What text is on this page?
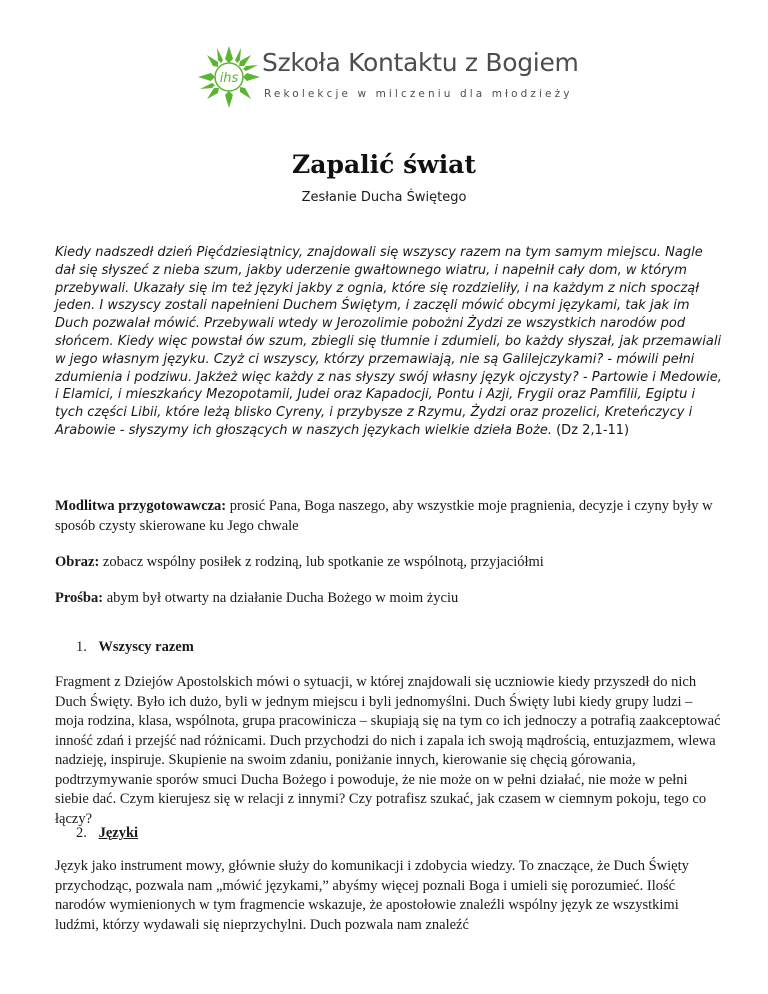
ihs
Szkoła Kontaktu z Bogiem
Rekolekcje w milczeniu dla młodzieży
Zapalić świat
Zesłanie Ducha Świętego

Kiedy nadszedł dzień Pięćdziesiątnicy, znajdowali się wszyscy razem na tym samym miejscu. Nagle dał się słyszeć z nieba szum, jakby uderzenie gwałtownego wiatru, i napełnił cały dom, w którym przebywali. Ukazały się im też języki jakby z ognia, które się rozdzieliły, i na każdym z nich spoczął jeden. I wszyscy zostali napełnieni Duchem Świętym, i zaczęli mówić obcymi językami, tak jak im Duch pozwalał mówić. Przebywali wtedy w Jerozolimie pobożni Żydzi ze wszystkich narodów pod słońcem. Kiedy więc powstał ów szum, zbiegli się tłumnie i zdumieli, bo każdy słyszał, jak przemawiali w jego własnym języku. Czyż ci wszyscy, którzy przemawiają, nie są Galilejczykami? - mówili pełni zdumienia i podziwu. Jakżeż więc każdy z nas słyszy swój własny język ojczysty? - Partowie i Medowie, i Elamici, i mieszkańcy Mezopotamii, Judei oraz Kapadocji, Pontu i Azji, Frygii oraz Pamfilii, Egiptu i tych części Libii, które leżą blisko Cyreny, i przybysze z Rzymu, Żydzi oraz prozelici, Kreteńczycy i Arabowie - słyszymy ich głoszących w naszych językach wielkie dzieła Boże. (Dz 2,1-11)

Modlitwa przygotowawcza: prosić Pana, Boga naszego, aby wszystkie moje pragnienia, decyzje i czyny były w sposób czysty skierowane ku Jego chwale

Obraz: zobacz wspólny posiłek z rodziną, lub spotkanie ze wspólnotą, przyjaciółmi

Prośba: abym był otwarty na działanie Ducha Bożego w moim życiu

1. Wszyscy razem

Fragment z Dziejów Apostolskich mówi o sytuacji, w której znajdowali się uczniowie kiedy przyszedł do nich Duch Święty. Było ich dużo, byli w jednym miejscu i byli jednomyślni. Duch Święty lubi kiedy grupy ludzi – moja rodzina, klasa, wspólnota, grupa pracowinicza – skupiają się na tym co ich jednoczy a potrafią zaakceptować inność zdań i przejść nad różnicami. Duch przychodzi do nich i zapala ich swoją mądrością, entuzjazmem, wlewa nadzieję, inspiruje. Skupienie na swoim zdaniu, poniżanie innych, kierowanie się chęcią górowania, podtrzymywanie sporów smuci Ducha Bożego i powoduje, że nie może on w pełni działać, nie może w pełni siebie dać. Czym kierujesz się w relacji z innymi? Czy potrafisz szukać, jak czasem w ciemnym pokoju, tego co łączy?

2. Języki

Język jako instrument mowy, głównie służy do komunikacji i zdobycia wiedzy. To znaczące, że Duch Święty przychodząc, pozwala nam „mówić językami,” abyśmy więcej poznali Boga i umieli się porozumieć. Ilość narodów wymienionych w tym fragmencie wskazuje, że apostołowie znaleźli wspólny język ze wszystkimi ludźmi, którzy wydawali się nieprzychylni. Duch pozwala nam znaleźć
